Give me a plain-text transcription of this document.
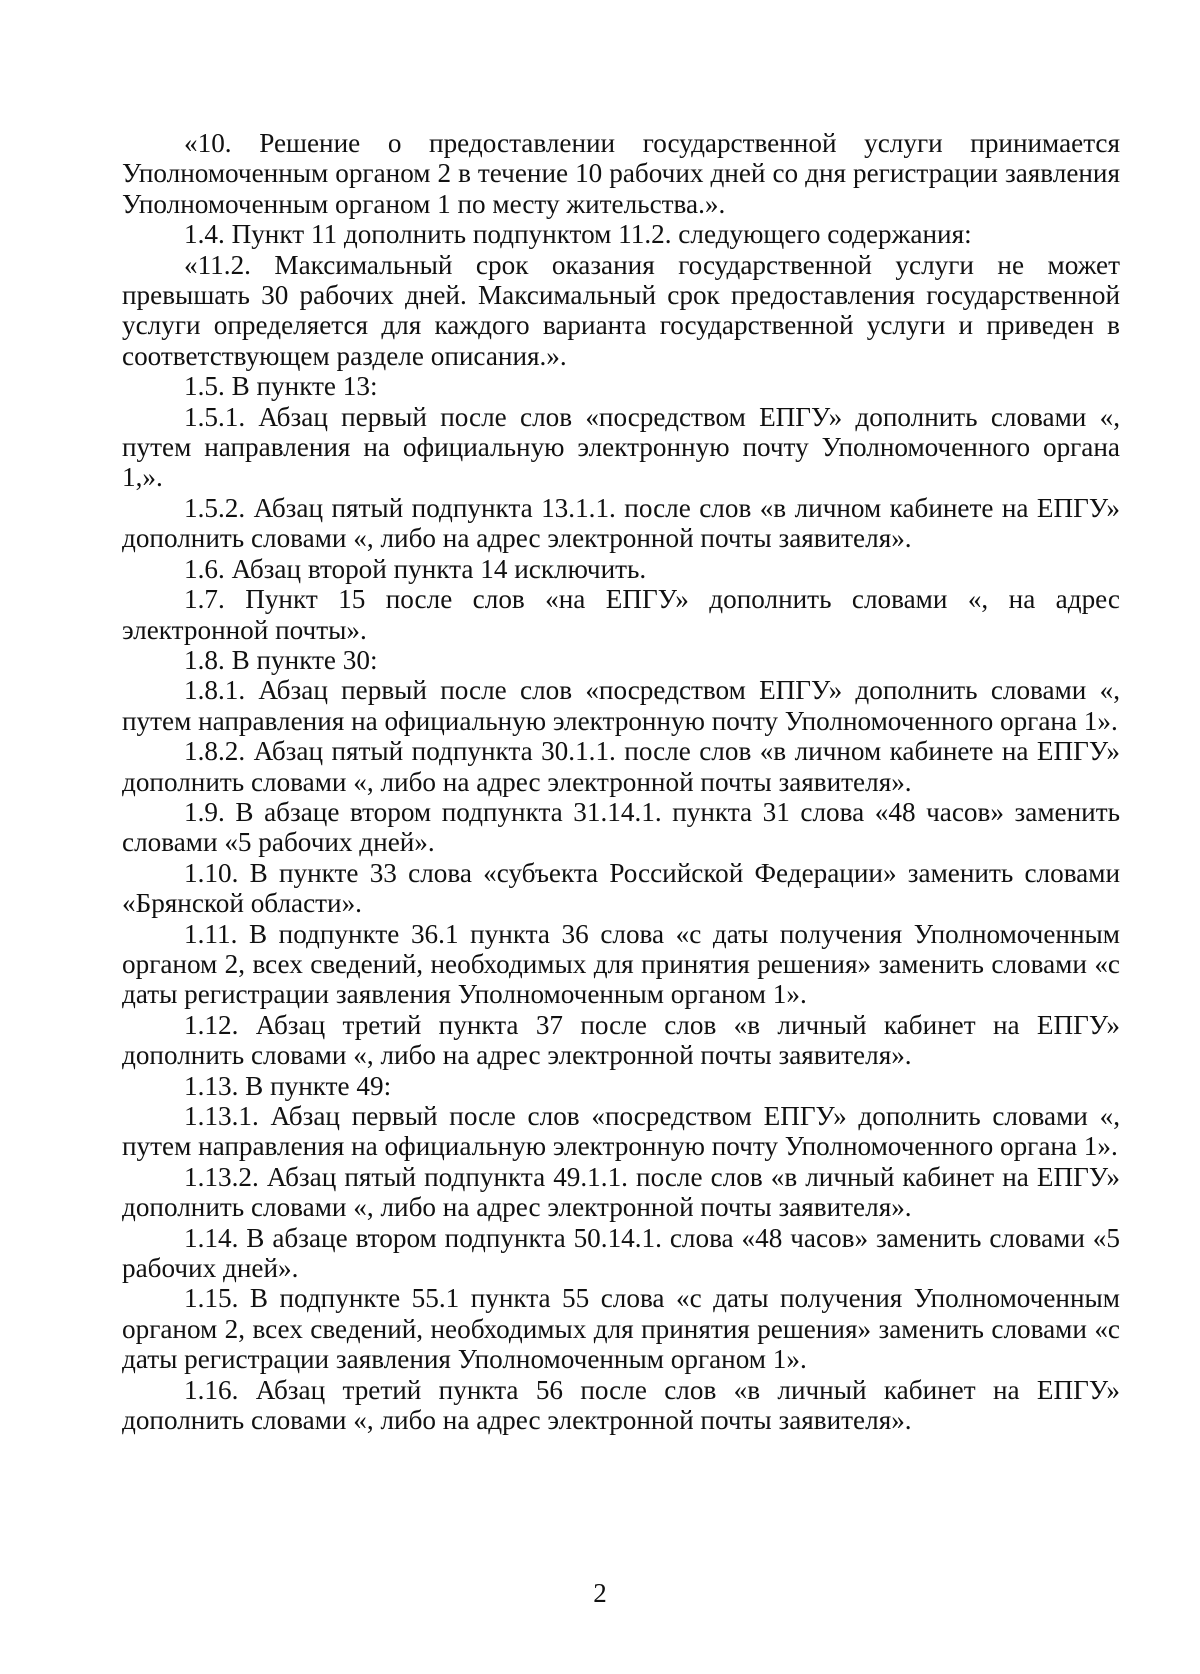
«10. Решение о предоставлении государственной услуги принимается Уполномоченным органом 2 в течение 10 рабочих дней со дня регистрации заявления Уполномоченным органом 1 по месту жительства.».

1.4. Пункт 11 дополнить подпунктом 11.2. следующего содержания:

«11.2. Максимальный срок оказания государственной услуги не может превышать 30 рабочих дней. Максимальный срок предоставления государственной услуги определяется для каждого варианта государственной услуги и приведен в соответствующем разделе описания.».

1.5. В пункте 13:

1.5.1. Абзац первый после слов «посредством ЕПГУ» дополнить словами «, путем направления на официальную электронную почту Уполномоченного органа 1,».

1.5.2. Абзац пятый подпункта 13.1.1. после слов «в личном кабинете на ЕПГУ» дополнить словами «, либо на адрес электронной почты заявителя».

1.6. Абзац второй пункта 14 исключить.

1.7. Пункт 15 после слов «на ЕПГУ» дополнить словами «, на адрес электронной почты».

1.8. В пункте 30:

1.8.1. Абзац первый после слов «посредством ЕПГУ» дополнить словами «, путем направления на официальную электронную почту Уполномоченного органа 1».

1.8.2. Абзац пятый подпункта 30.1.1. после слов «в личном кабинете на ЕПГУ» дополнить словами «, либо на адрес электронной почты заявителя».

1.9. В абзаце втором подпункта 31.14.1. пункта 31 слова «48 часов» заменить словами «5 рабочих дней».

1.10. В пункте 33 слова «субъекта Российской Федерации» заменить словами «Брянской области».

1.11. В подпункте 36.1 пункта 36 слова «с даты получения Уполномоченным органом 2, всех сведений, необходимых для принятия решения» заменить словами «с даты регистрации заявления Уполномоченным органом 1».

1.12. Абзац третий пункта 37 после слов «в личный кабинет на ЕПГУ» дополнить словами «, либо на адрес электронной почты заявителя».

1.13. В пункте 49:

1.13.1. Абзац первый после слов «посредством ЕПГУ» дополнить словами «, путем направления на официальную электронную почту Уполномоченного органа 1».

1.13.2. Абзац пятый подпункта 49.1.1. после слов «в личный кабинет на ЕПГУ» дополнить словами «, либо на адрес электронной почты заявителя».

1.14. В абзаце втором подпункта 50.14.1. слова «48 часов» заменить словами «5 рабочих дней».

1.15. В подпункте 55.1 пункта 55 слова «с даты получения Уполномоченным органом 2, всех сведений, необходимых для принятия решения» заменить словами «с даты регистрации заявления Уполномоченным органом 1».

1.16. Абзац третий пункта 56 после слов «в личный кабинет на ЕПГУ» дополнить словами «, либо на адрес электронной почты заявителя».

2
